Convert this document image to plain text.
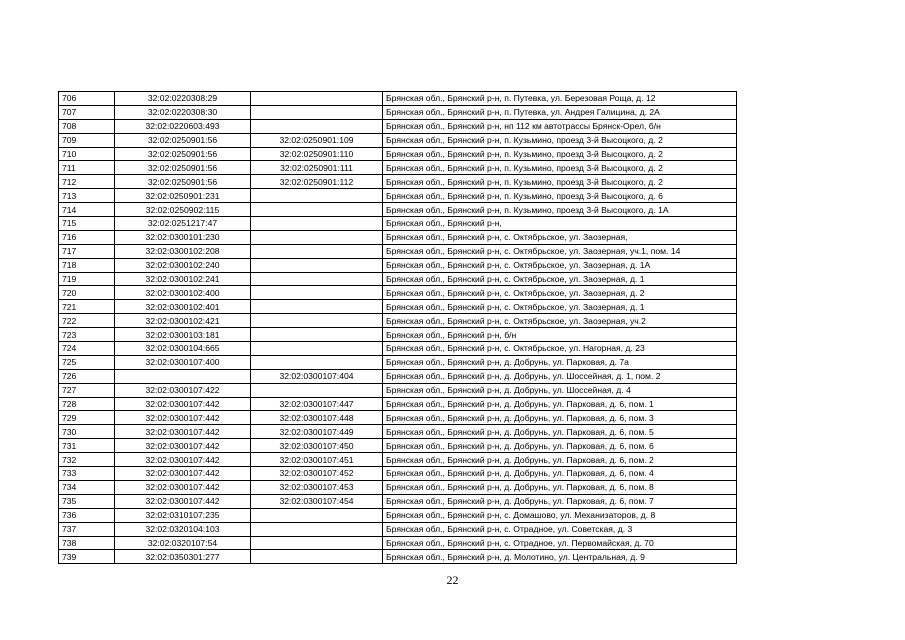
706	32:02:0220308:29		Брянская обл., Брянский р-н, п. Путевка, ул. Березовая Роща, д. 12
707	32:02:0220308:30		Брянская обл., Брянский р-н, п. Путевка, ул. Андрея Галицина, д. 2А
708	32:02:0220603:493		Брянская обл., Брянский р-н, нп 112 км автотрассы Брянск-Орел, б/н
709	32:02:0250901:56	32:02:0250901:109	Брянская обл., Брянский р-н, п. Кузьмино, проезд 3-й Высоцкого, д. 2
710	32:02:0250901:56	32:02:0250901:110	Брянская обл., Брянский р-н, п. Кузьмино, проезд 3-й Высоцкого, д. 2
711	32:02:0250901:56	32:02:0250901:111	Брянская обл., Брянский р-н, п. Кузьмино, проезд 3-й Высоцкого, д. 2
712	32:02:0250901:56	32:02:0250901:112	Брянская обл., Брянский р-н, п. Кузьмино, проезд 3-й Высоцкого, д. 2
713	32:02:0250901:231		Брянская обл., Брянский р-н, п. Кузьмино, проезд 3-й Высоцкого, д. 6
714	32:02:0250902:115		Брянская обл., Брянский р-н, п. Кузьмино, проезд 3-й Высоцкого, д. 1А
715	32:02:0251217:47		Брянская обл., Брянский р-н,
716	32:02:0300101:230		Брянская обл., Брянский р-н, с. Октябрьское, ул. Заозерная,
717	32:02:0300102:208		Брянская обл., Брянский р-н, с. Октябрьское, ул. Заозерная, уч.1, пом. 14
718	32:02:0300102:240		Брянская обл., Брянский р-н, с. Октябрьское, ул. Заозерная, д. 1А
719	32:02:0300102:241		Брянская обл., Брянский р-н, с. Октябрьское, ул. Заозерная, д. 1
720	32:02:0300102:400		Брянская обл., Брянский р-н, с. Октябрьское, ул. Заозерная, д. 2
721	32:02:0300102:401		Брянская обл., Брянский р-н, с. Октябрьское, ул. Заозерная, д. 1
722	32:02:0300102:421		Брянская обл., Брянский р-н, с. Октябрьское, ул. Заозерная, уч.2
723	32:02:0300103:181		Брянская обл., Брянский р-н, б/н
724	32:02:0300104:665		Брянская обл., Брянский р-н, с. Октябрьское, ул. Нагорная, д. 23
725	32:02:0300107:400		Брянская обл., Брянский р-н, д. Добрунь, ул. Парковая, д. 7а
726		32:02:0300107:404	Брянская обл., Брянский р-н, д. Добрунь, ул. Шоссейная, д. 1, пом. 2
727	32:02:0300107:422		Брянская обл., Брянский р-н, д. Добрунь, ул. Шоссейная, д. 4
728	32:02:0300107:442	32:02:0300107:447	Брянская обл., Брянский р-н, д. Добрунь, ул. Парковая, д. 6, пом. 1
729	32:02:0300107:442	32:02:0300107:448	Брянская обл., Брянский р-н, д. Добрунь, ул. Парковая, д. 6, пом. 3
730	32:02:0300107:442	32:02:0300107:449	Брянская обл., Брянский р-н, д. Добрунь, ул. Парковая, д. 6, пом. 5
731	32:02:0300107:442	32:02:0300107:450	Брянская обл., Брянский р-н, д. Добрунь, ул. Парковая, д. 6, пом. 6
732	32:02:0300107:442	32:02:0300107:451	Брянская обл., Брянский р-н, д. Добрунь, ул. Парковая, д. 6, пом. 2
733	32:02:0300107:442	32:02:0300107:452	Брянская обл., Брянский р-н, д. Добрунь, ул. Парковая, д. 6, пом. 4
734	32:02:0300107:442	32:02:0300107:453	Брянская обл., Брянский р-н, д. Добрунь, ул. Парковая, д. 6, пом. 8
735	32:02:0300107:442	32:02:0300107:454	Брянская обл., Брянский р-н, д. Добрунь, ул. Парковая, д. 6, пом. 7
736	32:02:0310107:235		Брянская обл., Брянский р-н, с. Домашово, ул. Механизаторов, д. 8
737	32:02:0320104:103		Брянская обл., Брянский р-н, с. Отрадное, ул. Советская, д. 3
738	32:02:0320107:54		Брянская обл., Брянский р-н, с. Отрадное, ул. Первомайская, д. 70
739	32:02:0350301:277		Брянская обл., Брянский р-н, д. Молотино, ул. Центральная, д. 9
22
